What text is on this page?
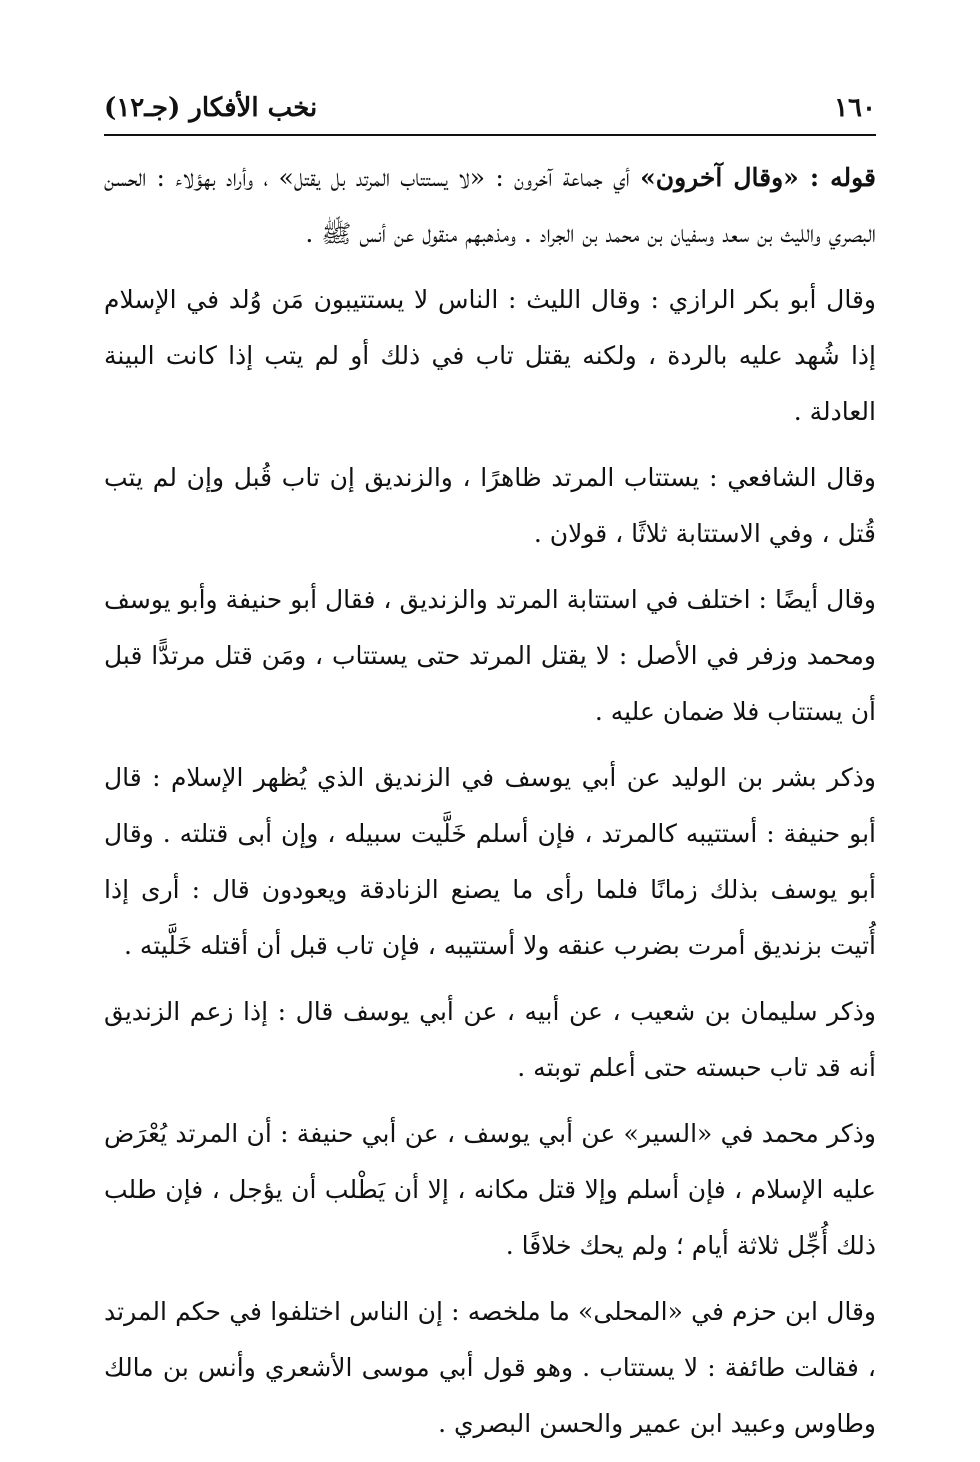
نخب الأفكار (جـ١٢)	١٦٠

قوله : «وقال آخرون» أي جماعة آخرون : «لا يستتاب المرتد بل يقتل» ، وأراد بهؤلاء : الحسن البصري والليث بن سعد وسفيان بن محمد بن الجراد . ومذهبهم منقول عن أنس ﷺ .

وقال أبو بكر الرازي : وقال الليث : الناس لا يستتيبون مَن وُلد في الإسلام إذا شُهد عليه بالردة ، ولكنه يقتل تاب في ذلك أو لم يتب إذا كانت البينة العادلة .

وقال الشافعي : يستتاب المرتد ظاهرًا ، والزنديق إن تاب قُبل وإن لم يتب قُتل ، وفي الاستتابة ثلاثًا ، قولان .

وقال أيضًا : اختلف في استتابة المرتد والزنديق ، فقال أبو حنيفة وأبو يوسف ومحمد وزفر في الأصل : لا يقتل المرتد حتى يستتاب ، ومَن قتل مرتدًّا قبل أن يستتاب فلا ضمان عليه .

وذكر بشر بن الوليد عن أبي يوسف في الزنديق الذي يُظهر الإسلام : قال أبو حنيفة : أستتيبه كالمرتد ، فإن أسلم خَلَّيت سبيله ، وإن أبى قتلته . وقال أبو يوسف بذلك زمانًا فلما رأى ما يصنع الزنادقة ويعودون قال : أرى إذا أُتيت بزنديق أمرت بضرب عنقه ولا أستتيبه ، فإن تاب قبل أن أقتله خَلَّيته .

وذكر سليمان بن شعيب ، عن أبيه ، عن أبي يوسف قال : إذا زعم الزنديق أنه قد تاب حبسته حتى أعلم توبته .

وذكر محمد في «السير» عن أبي يوسف ، عن أبي حنيفة : أن المرتد يُعْرَض عليه الإسلام ، فإن أسلم وإلا قتل مكانه ، إلا أن يَطْلب أن يؤجل ، فإن طلب ذلك أُجِّل ثلاثة أيام ؛ ولم يحك خلافًا .

وقال ابن حزم في «المحلى» ما ملخصه : إن الناس اختلفوا في حكم المرتد ، فقالت طائفة : لا يستتاب . وهو قول أبي موسى الأشعري وأنس بن مالك وطاوس وعبيد ابن عمير والحسن البصري .
